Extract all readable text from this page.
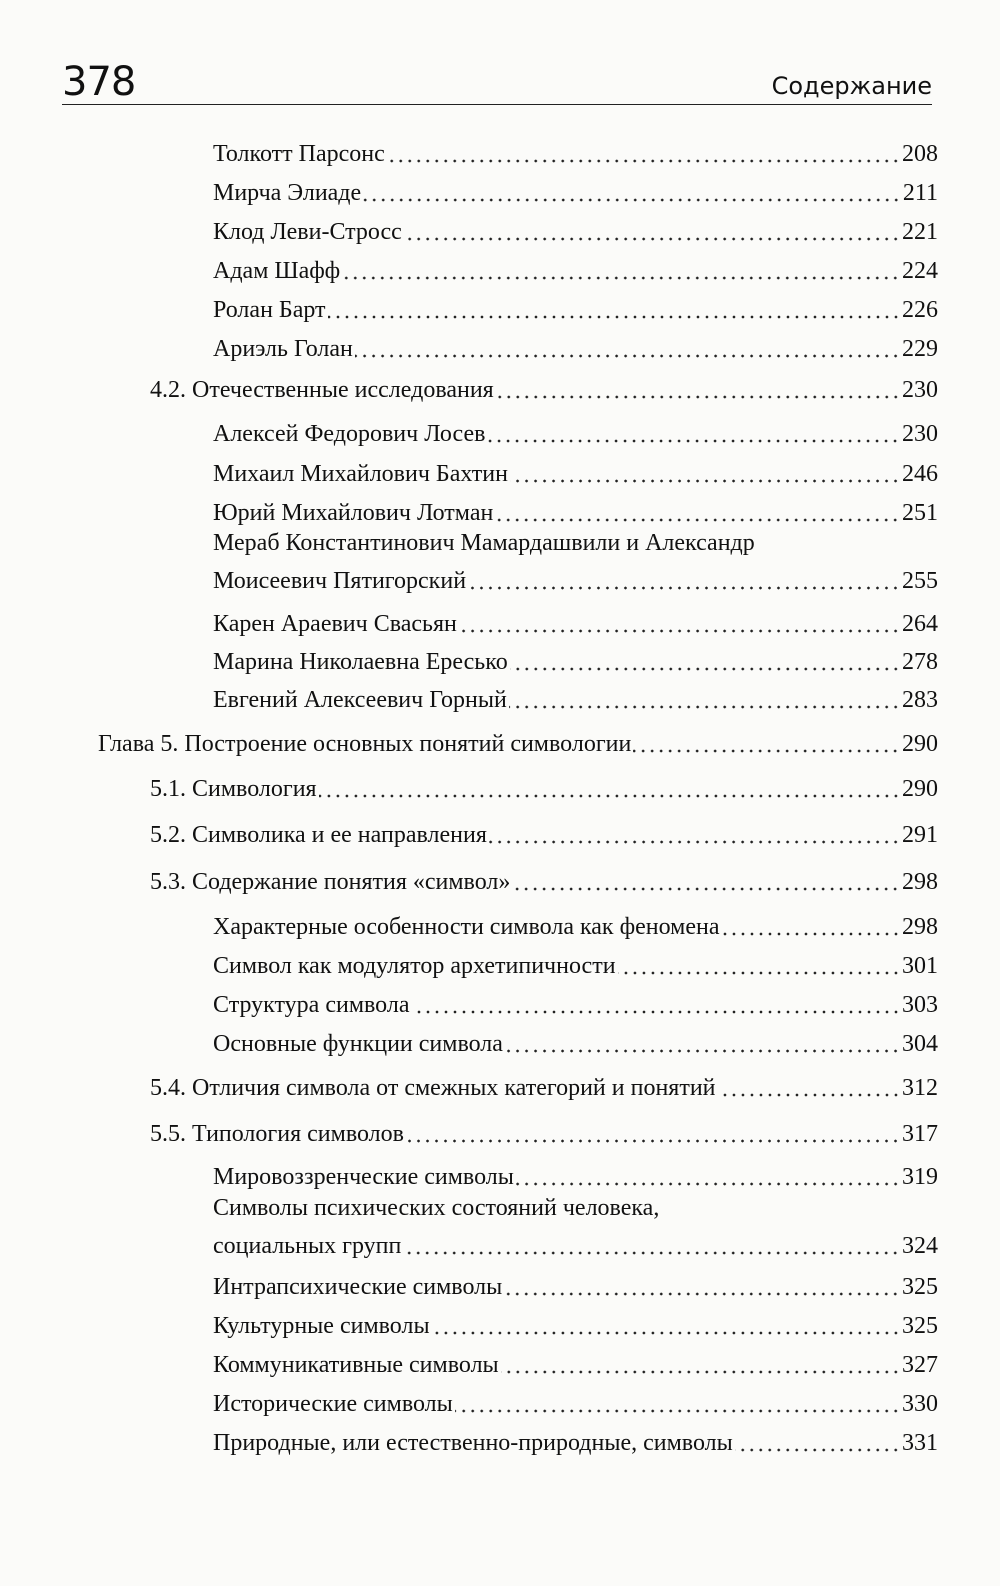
378	Содержание
Толкотт Парсонс	208
Мирча Элиаде	211
Клод Леви-Стросс	221
Адам Шафф	224
Ролан Барт	226
Ариэль Голан	229
4.2. Отечественные исследования	230
Алексей Федорович Лосев	230
Михаил Михайлович Бахтин	246
Юрий Михайлович Лотман	251
Мераб Константинович Мамардашвили и Александр
Моисеевич Пятигорский	255
Карен Араевич Свасьян	264
Марина Николаевна Ересько	278
Евгений Алексеевич Горный	283
Глава 5. Построение основных понятий символогии	290
5.1. Симвология	290
5.2. Символика и ее направления	291
5.3. Содержание понятия «символ»	298
Характерные особенности символа как феномена	298
Символ как модулятор архетипичности	301
Структура символа	303
Основные функции символа	304
5.4. Отличия символа от смежных категорий и понятий	312
5.5. Типология символов	317
Мировоззренческие символы	319
Символы психических состояний человека,
социальных групп	324
Интрапсихические символы	325
Культурные символы	325
Коммуникативные символы	327
Исторические символы	330
Природные, или естественно-природные, символы	331
